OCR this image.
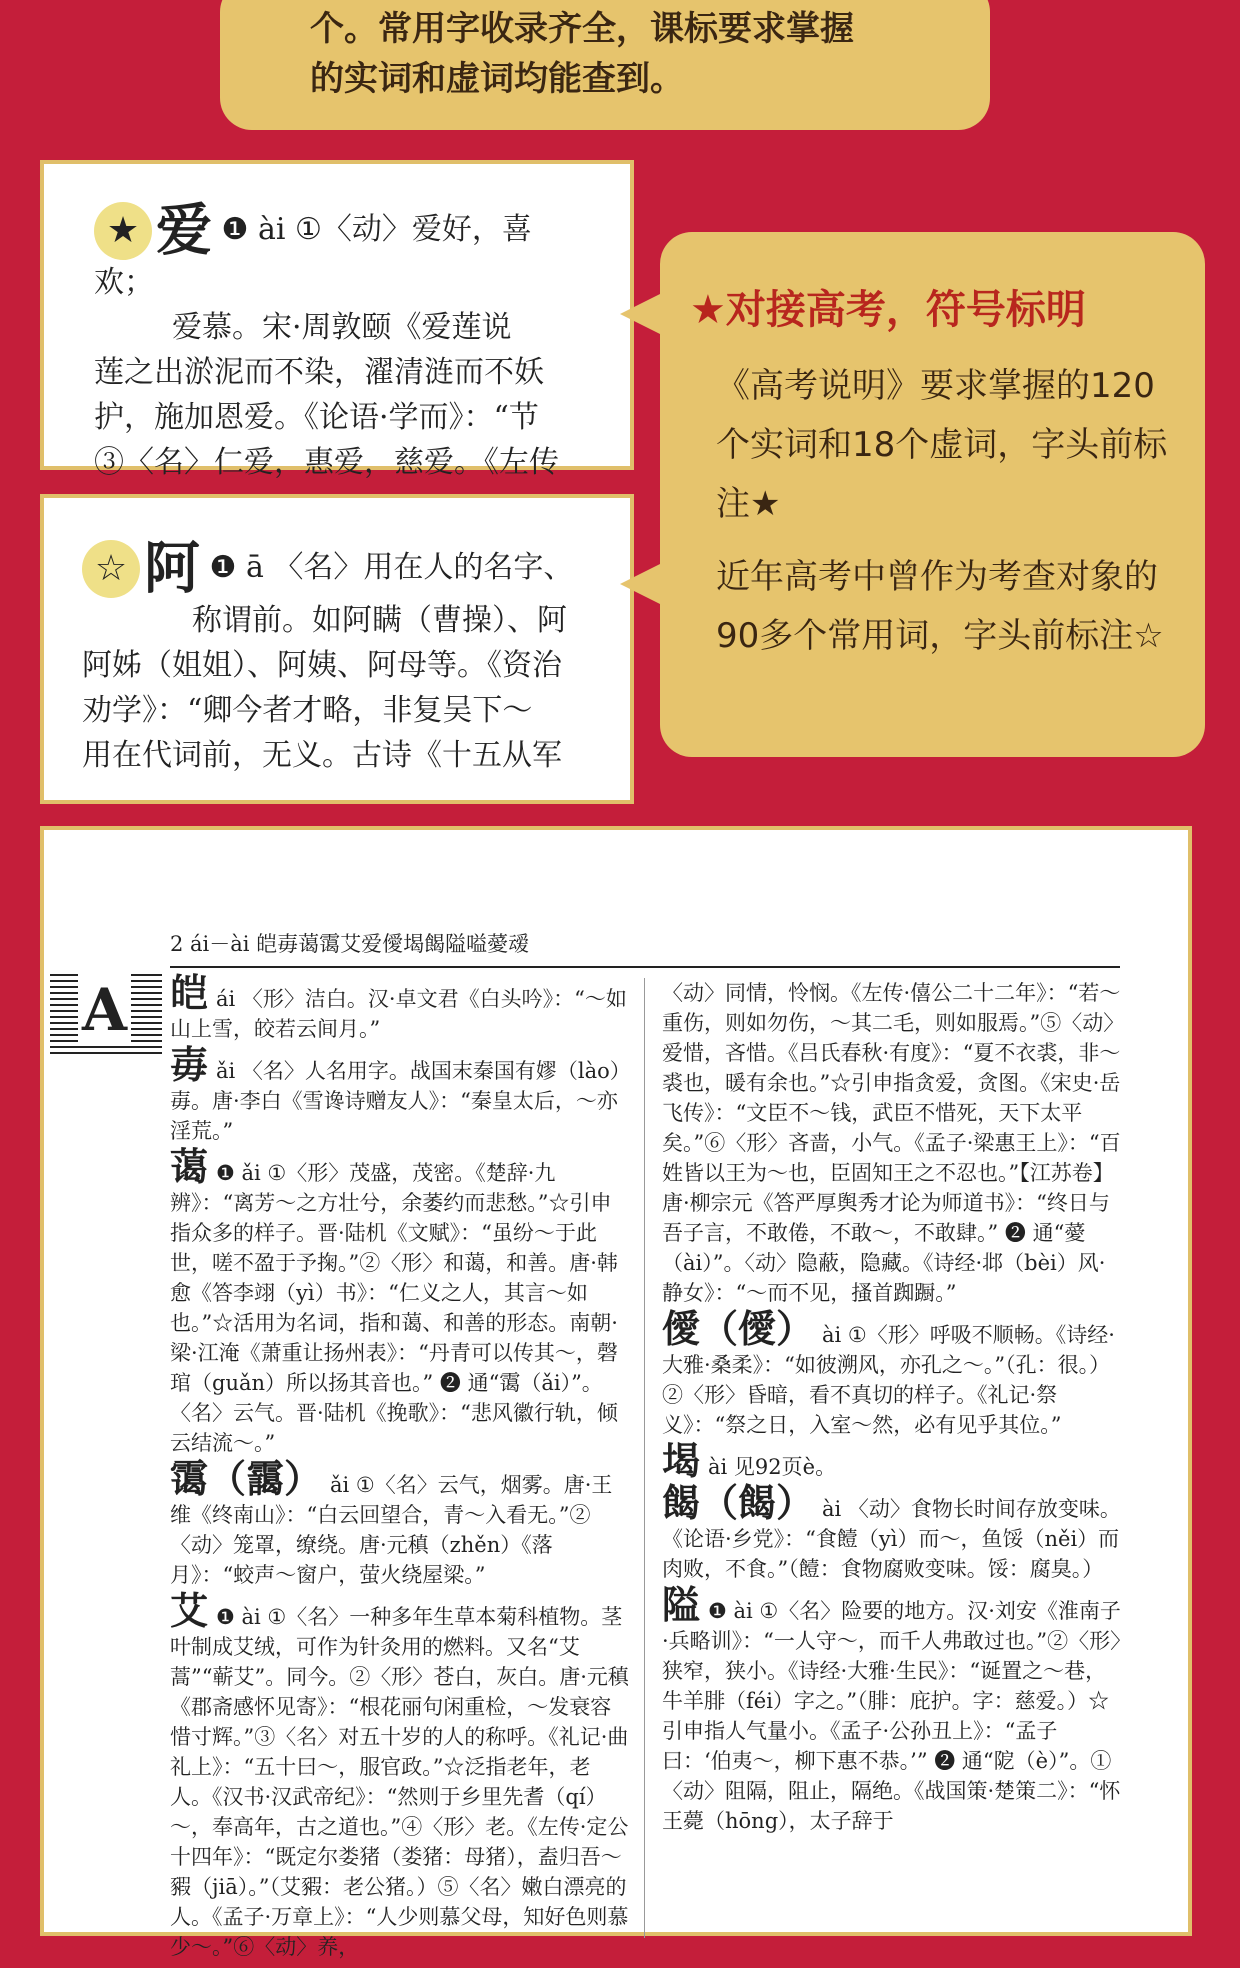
个。常用字收录齐全，课标要求掌握
的实词和虚词均能查到。
★ 爱 ❶ ài ①〈动〉爱好，喜欢；
爱慕。宋·周敦颐《爱莲说
莲之出淤泥而不染，濯清涟而不妖
护，施加恩爱。《论语·学而》：“节
③〈名〉仁爱，惠爱，慈爱。《左传
☆ 阿 ❶ ā 〈名〉用在人的名字、
称谓前。如阿瞒（曹操）、阿
阿姊（姐姐）、阿姨、阿母等。《资治
劝学》：“卿今者才略，非复吴下～
用在代词前，无义。古诗《十五从军
★对接高考，符号标明
《高考说明》要求掌握的120个实词和18个虚词，字头前标注★
近年高考中曾作为考查对象的90多个常用词，字头前标注☆
2 ái－ài 皑毐蔼霭艾爱僾堨餲隘嗌薆叆
A 皑ái 〈形〉洁白。汉·卓文君《白头吟》：“～如山上雪，皎若云间月。”
毐ǎi 〈名〉人名用字。战国末秦国有嫪（lào）毐。唐·李白《雪谗诗赠友人》：“秦皇太后，～亦淫荒。”
蔼 ❶ ǎi ①〈形〉茂盛，茂密。《楚辞·九辨》：“离芳～之方壮兮，余萎约而悲愁。”☆引申指众多的样子。晋·陆机《文赋》：“虽纷～于此世，嗟不盈于予掬。”②〈形〉和蔼，和善。唐·韩愈《答李翊（yì）书》：“仁义之人，其言～如也。”☆活用为名词，指和蔼、和善的形态。南朝·梁·江淹《萧重让扬州表》：“丹青可以传其～，磬琯（guǎn）所以扬其音也。” ❷ 通“霭（ǎi）”。〈名〉云气。晋·陆机《挽歌》：“悲风徽行轨，倾云结流～。”
霭（靄） ǎi ①〈名〉云气，烟雾。唐·王维《终南山》：“白云回望合，青～入看无。”②〈动〉笼罩，缭绕。唐·元稹（zhěn）《落月》：“蛟声～窗户，萤火绕屋梁。”
艾 ❶ ài ①〈名〉一种多年生草本菊科植物。茎叶制成艾绒，可作为针灸用的燃料。又名“艾蒿”“蕲艾”。同今。②〈形〉苍白，灰白。唐·元稹《郡斋感怀见寄》：“根花丽句闲重检，～发衰容惜寸辉。”③〈名〉对五十岁的人的称呼。《礼记·曲礼上》：“五十曰～，服官政。”☆泛指老年，老人。《汉书·汉武帝纪》：“然则于乡里先耆（qí）～，奉高年，古之道也。”④〈形〉老。《左传·定公十四年》：“既定尔娄猪（娄猪：母猪），盍归吾～豭（jiā）。”（艾豭：老公猪。）⑤〈名〉嫩白漂亮的人。《孟子·万章上》：“人少则慕父母，知好色则慕少～。”⑥〈动〉养，
〈动〉同情，怜悯。《左传·僖公二十二年》：“若～重伤，则如勿伤，～其二毛，则如服焉。”⑤〈动〉爱惜，吝惜。《吕氏春秋·有度》：“夏不衣裘，非～裘也，暖有余也。”☆引申指贪爱，贪图。《宋史·岳飞传》：“文臣不～钱，武臣不惜死，天下太平矣。”⑥〈形〉吝啬，小气。《孟子·梁惠王上》：“百姓皆以王为～也，臣固知王之不忍也。”【江苏卷】唐·柳宗元《答严厚舆秀才论为师道书》：“终日与吾子言，不敢倦，不敢～，不敢肆。” ❷ 通“薆（ài）”。〈动〉隐蔽，隐藏。《诗经·邶（bèi）风·静女》：“～而不见，搔首踟蹰。”
僾（僾） ài ①〈形〉呼吸不顺畅。《诗经·大雅·桑柔》：“如彼溯风，亦孔之～。”（孔：很。）②〈形〉昏暗，看不真切的样子。《礼记·祭义》：“祭之日，入室～然，必有见乎其位。”
堨ài 见92页è。
餲（餲） ài 〈动〉食物长时间存放变味。《论语·乡党》：“食饐（yì）而～，鱼馁（něi）而肉败，不食。”（饐：食物腐败变味。馁：腐臭。）
隘 ❶ ài ①〈名〉险要的地方。汉·刘安《淮南子·兵略训》：“一人守～，而千人弗敢过也。”②〈形〉狭窄，狭小。《诗经·大雅·生民》：“诞置之～巷，牛羊腓（féi）字之。”（腓：庇护。字：慈爱。）☆引申指人气量小。《孟子·公孙丑上》：“孟子曰：‘伯夷～，柳下惠不恭。’” ❷ 通“阸（è）”。①〈动〉阻隔，阻止，隔绝。《战国策·楚策二》：“怀王薨（hōng），太子辞于
